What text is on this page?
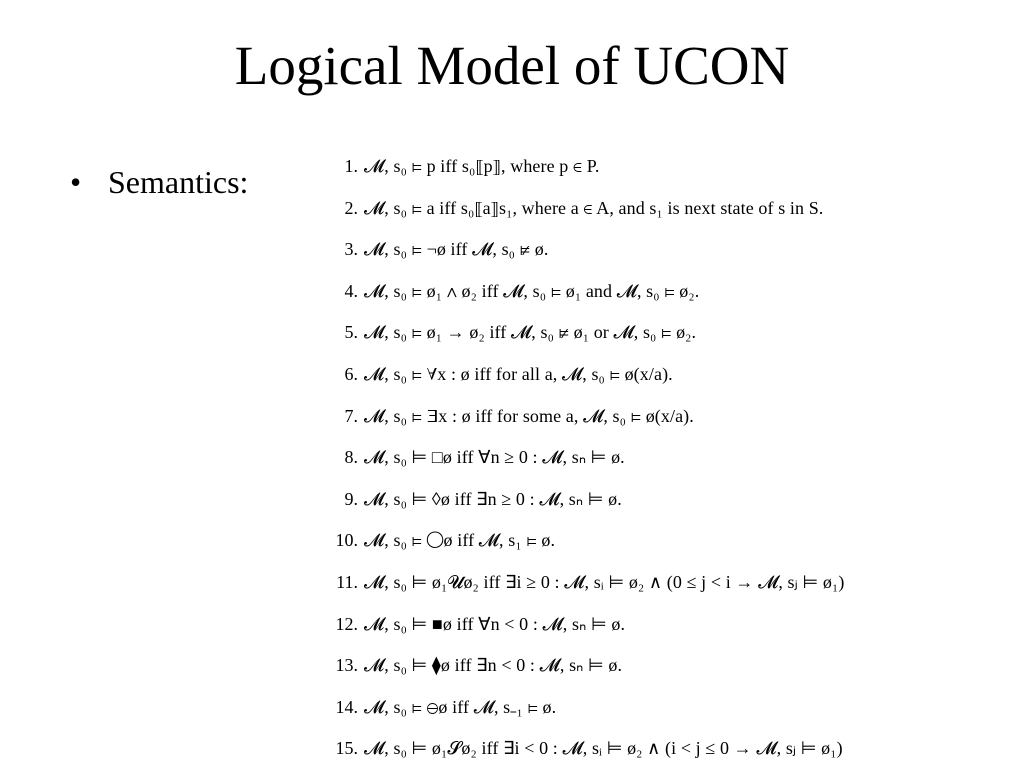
Logical Model of UCON
• Semantics:	1. 𝓜, s₀ ⊨ p iff s₀⟦p⟧, where p ∈ P.
2. 𝓜, s₀ ⊨ a iff s₀⟦a⟧s₁, where a ∈ A, and s₁ is next state of s in S.
3. 𝓜, s₀ ⊨ ¬ø iff 𝓜, s₀ ⊭ ø.
4. 𝓜, s₀ ⊨ ø₁ ∧ ø₂ iff 𝓜, s₀ ⊨ ø₁ and 𝓜, s₀ ⊨ ø₂.
5. 𝓜, s₀ ⊨ ø₁ → ø₂ iff 𝓜, s₀ ⊭ ø₁ or 𝓜, s₀ ⊨ ø₂.
6. 𝓜, s₀ ⊨ ∀x : ø iff for all a, 𝓜, s₀ ⊨ ø(x/a).
7. 𝓜, s₀ ⊨ ∃x : ø iff for some a, 𝓜, s₀ ⊨ ø(x/a).
8. 𝓜, s₀ ⊨ □ø iff ∀n ≥ 0 : 𝓜, sₙ ⊨ ø.
9. 𝓜, s₀ ⊨ ◊ø iff ∃n ≥ 0 : 𝓜, sₙ ⊨ ø.
10. 𝓜, s₀ ⊨ ◯ø iff 𝓜, s₁ ⊨ ø.
11. 𝓜, s₀ ⊨ ø₁𝓤ø₂ iff ∃i ≥ 0 : 𝓜, sᵢ ⊨ ø₂ ∧ (0 ≤ j < i → 𝓜, sⱼ ⊨ ø₁)
12. 𝓜, s₀ ⊨ ■ø iff ∀n < 0 : 𝓜, sₙ ⊨ ø.
13. 𝓜, s₀ ⊨ ⧫ø iff ∃n < 0 : 𝓜, sₙ ⊨ ø.
14. 𝓜, s₀ ⊨ ⊖ø iff 𝓜, s₋₁ ⊨ ø.
15. 𝓜, s₀ ⊨ ø₁𝓢ø₂ iff ∃i < 0 : 𝓜, sᵢ ⊨ ø₂ ∧ (i < j ≤ 0 → 𝓜, sⱼ ⊨ ø₁)
